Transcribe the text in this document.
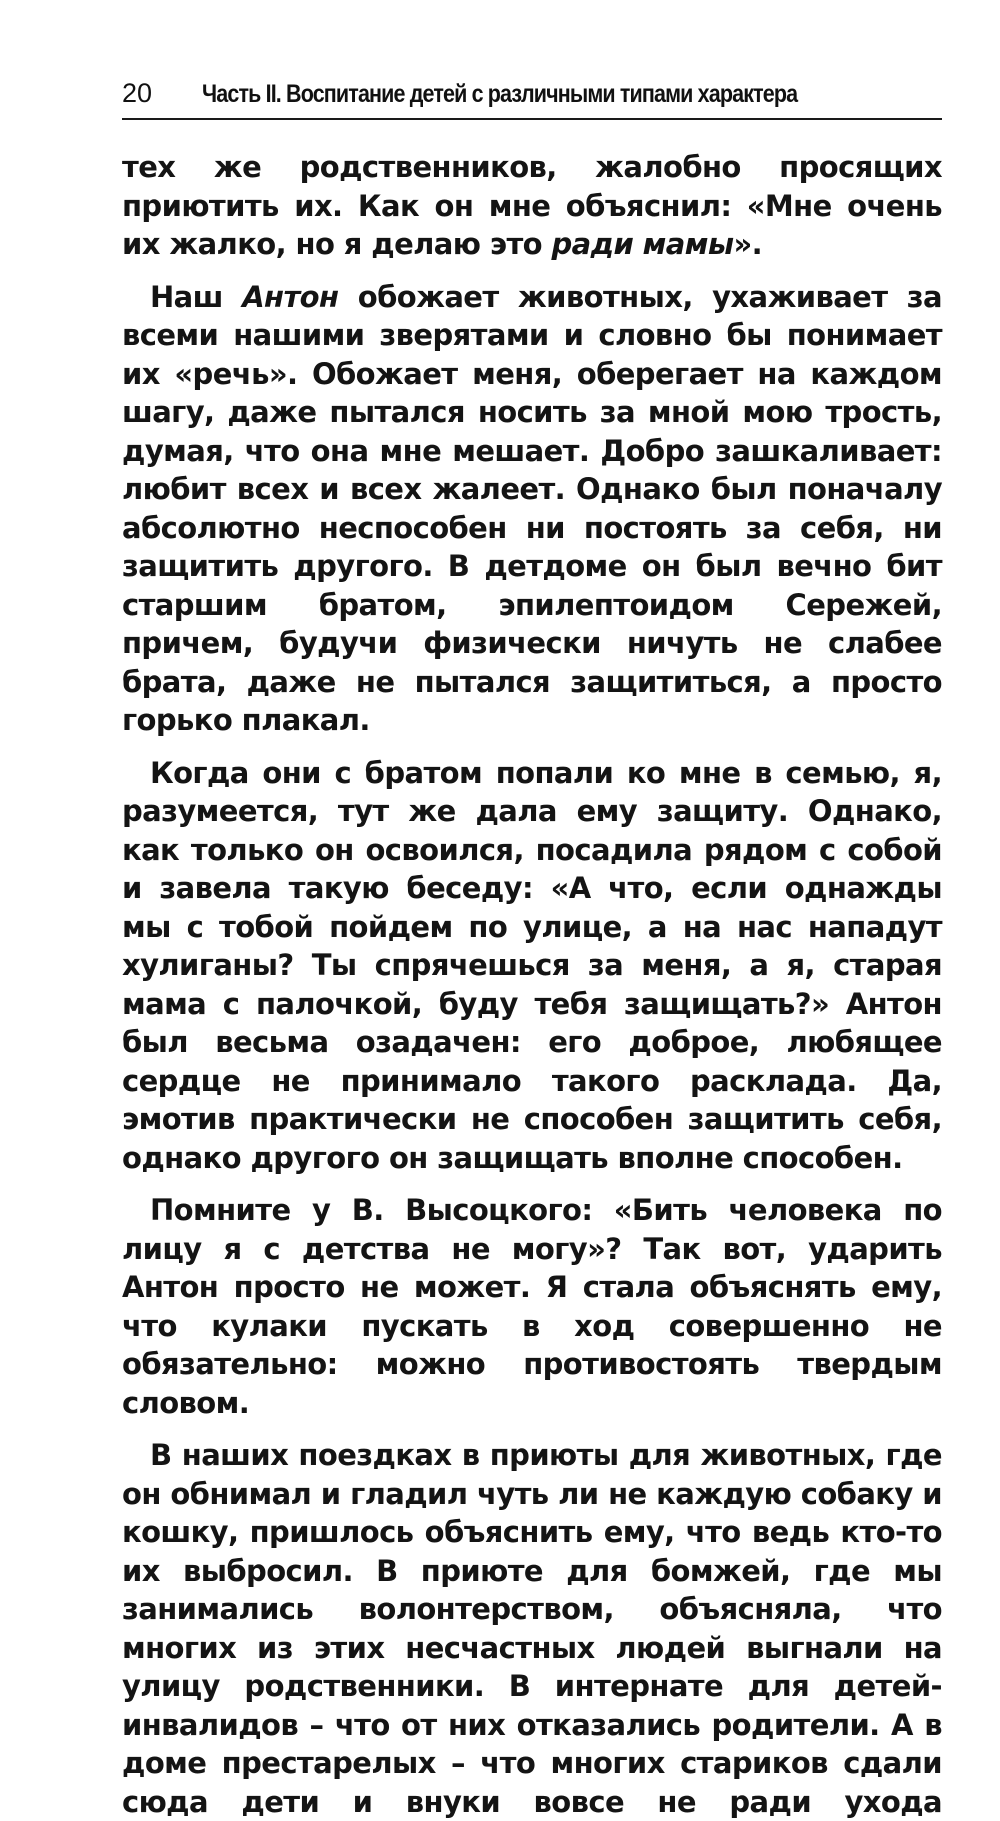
20 Часть II. Воспитание детей с различными типами характера

тех же родственников, жалобно просящих приютить их. Как он мне объяснил: «Мне очень их жалко, но я делаю это ради мамы».

Наш Антон обожает животных, ухаживает за всеми нашими зверятами и словно бы понимает их «речь». Обожает меня, оберегает на каждом шагу, даже пытался носить за мной мою трость, думая, что она мне мешает. Добро зашкаливает: любит всех и всех жалеет. Однако был поначалу абсолютно неспособен ни постоять за себя, ни защитить другого. В детдоме он был вечно бит старшим братом, эпилептоидом Сережей, причем, будучи физически ничуть не слабее брата, даже не пытался защититься, а просто горько плакал.

Когда они с братом попали ко мне в семью, я, разумеется, тут же дала ему защиту. Однако, как только он освоился, посадила рядом с собой и завела такую беседу: «А что, если однажды мы с тобой пойдем по улице, а на нас нападут хулиганы? Ты спрячешься за меня, а я, старая мама с палочкой, буду тебя защищать?» Антон был весьма озадачен: его доброе, любящее сердце не принимало такого расклада. Да, эмотив практически не способен защитить себя, однако другого он защищать вполне способен.

Помните у В. Высоцкого: «Бить человека по лицу я с детства не могу»? Так вот, ударить Антон просто не может. Я стала объяснять ему, что кулаки пускать в ход совершенно не обязательно: можно противостоять твердым словом.

В наших поездках в приюты для животных, где он обнимал и гладил чуть ли не каждую собаку и кошку, пришлось объяснить ему, что ведь кто-то их выбросил. В приюте для бомжей, где мы занимались волонтерством, объясняла, что многих из этих несчастных людей выгнали на улицу родственники. В интернате для детей-инвалидов – что от них отказались родители. А в доме престарелых – что многих стариков сдали сюда дети и внуки вовсе не ради ухода
